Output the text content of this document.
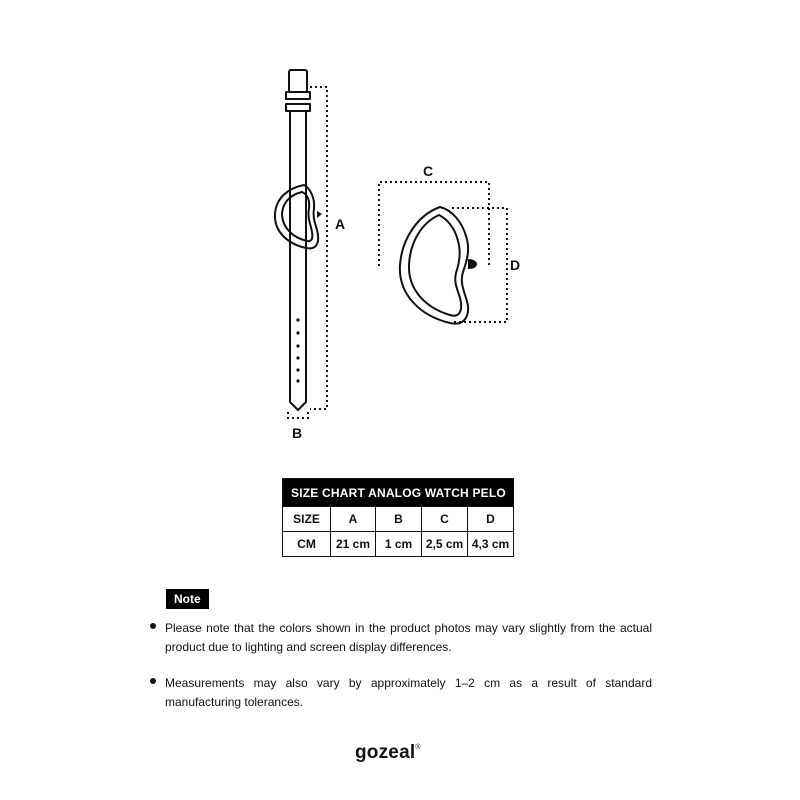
A
B
C
D
SIZE CHART ANALOG WATCH PELO				
SIZE	A	B	C	D
CM	21 cm	1 cm	2,5 cm	4,3 cm
Note
Please note that the colors shown in the product photos may vary slightly from the actual product due to lighting and screen display differences.
Measurements may also vary by approximately 1–2 cm as a result of standard manufacturing tolerances.
gozeal®
